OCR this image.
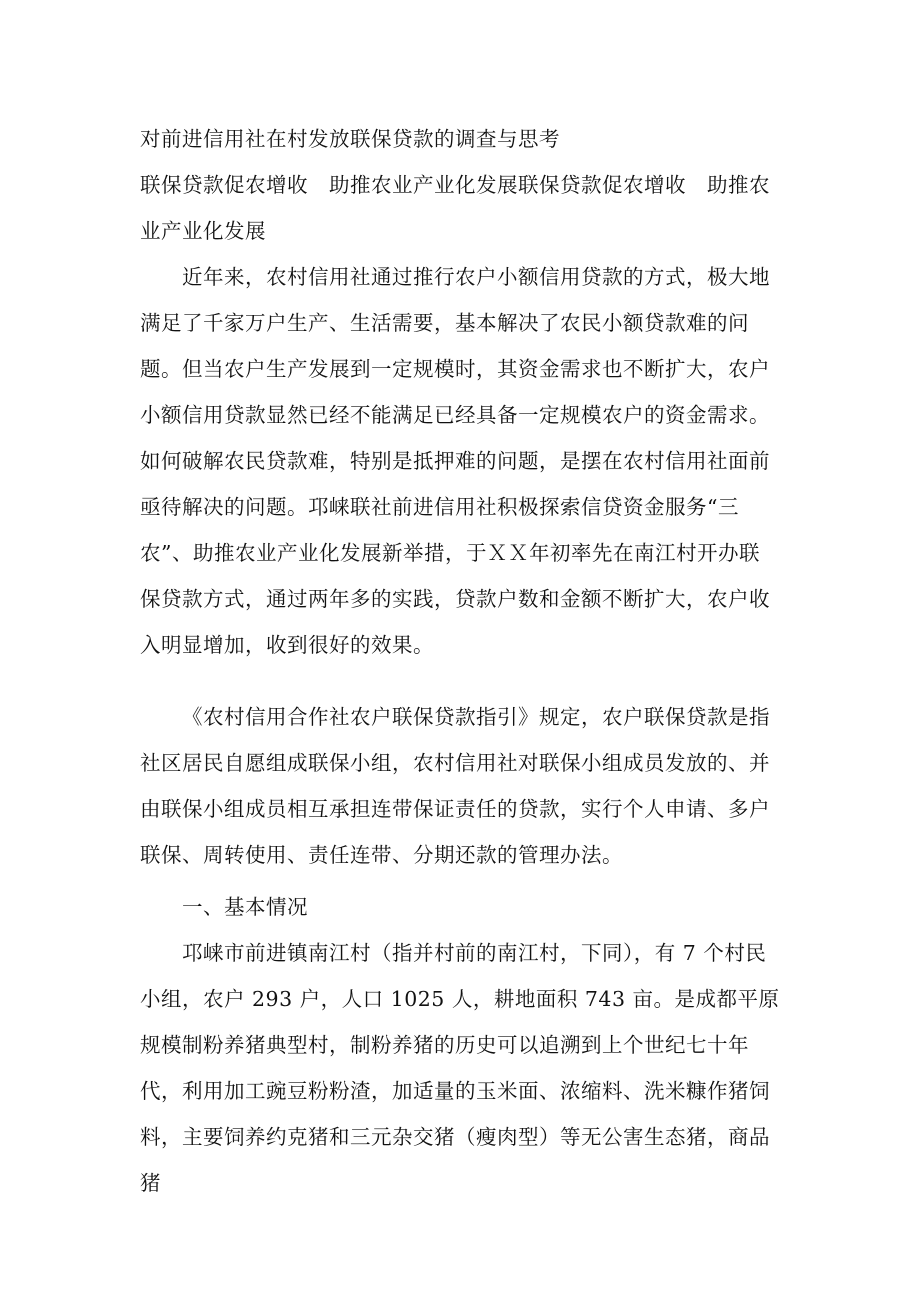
对前进信用社在村发放联保贷款的调查与思考
联保贷款促农增收　助推农业产业化发展联保贷款促农增收　助推农业产业化发展
近年来，农村信用社通过推行农户小额信用贷款的方式，极大地满足了千家万户生产、生活需要，基本解决了农民小额贷款难的问题。但当农户生产发展到一定规模时，其资金需求也不断扩大，农户小额信用贷款显然已经不能满足已经具备一定规模农户的资金需求。如何破解农民贷款难，特别是抵押难的问题，是摆在农村信用社面前亟待解决的问题。邛崃联社前进信用社积极探索信贷资金服务“三农”、助推农业产业化发展新举措，于ＸＸ年初率先在南江村开办联保贷款方式，通过两年多的实践，贷款户数和金额不断扩大，农户收入明显增加，收到很好的效果。
《农村信用合作社农户联保贷款指引》规定，农户联保贷款是指社区居民自愿组成联保小组，农村信用社对联保小组成员发放的、并由联保小组成员相互承担连带保证责任的贷款，实行个人申请、多户联保、周转使用、责任连带、分期还款的管理办法。
一、基本情况
邛崃市前进镇南江村（指并村前的南江村，下同），有 7 个村民小组，农户 293 户，人口 1025 人，耕地面积 743 亩。是成都平原规模制粉养猪典型村，制粉养猪的历史可以追溯到上个世纪七十年代，利用加工豌豆粉粉渣，加适量的玉米面、浓缩料、洗米糠作猪饲料，主要饲养约克猪和三元杂交猪（瘦肉型）等无公害生态猪，商品猪
